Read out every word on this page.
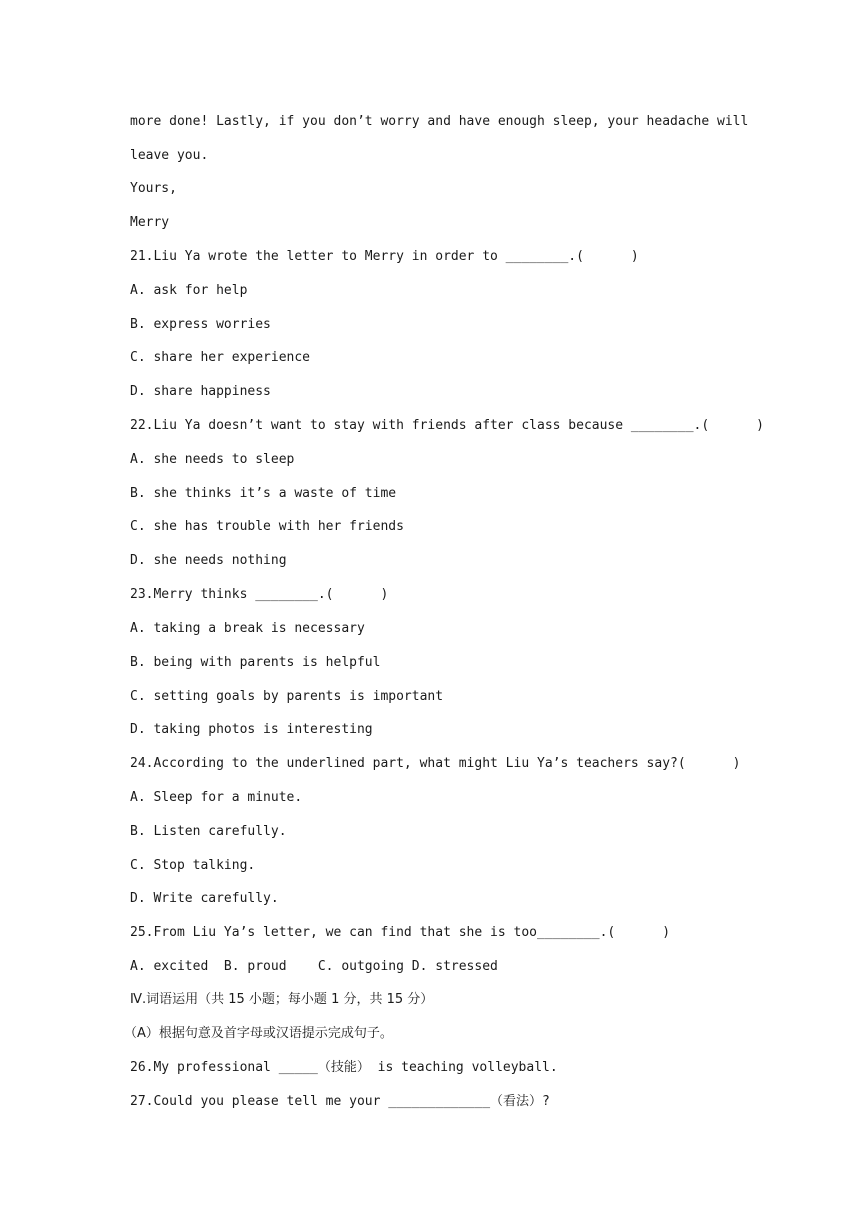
more done! Lastly, if you don’t worry and have enough sleep, your headache will
leave you.
Yours,
Merry
21.Liu Ya wrote the letter to Merry in order to ________.(      )
A. ask for help
B. express worries
C. share her experience
D. share happiness
22.Liu Ya doesn’t want to stay with friends after class because ________.(      )
A. she needs to sleep
B. she thinks it’s a waste of time
C. she has trouble with her friends
D. she needs nothing
23.Merry thinks ________.(      )
A. taking a break is necessary
B. being with parents is helpful
C. setting goals by parents is important
D. taking photos is interesting
24.According to the underlined part, what might Liu Ya’s teachers say?(      )
A. Sleep for a minute.
B. Listen carefully.
C. Stop talking.
D. Write carefully.
25.From Liu Ya’s letter, we can find that she is too________.(      )
A. excited  B. proud    C. outgoing D. stressed
Ⅳ.词语运用（共 15 小题；每小题 1 分，共 15 分）
（A）根据句意及首字母或汉语提示完成句子。
26.My professional _____（技能） is teaching volleyball.
27.Could you please tell me your _____________（看法）?
